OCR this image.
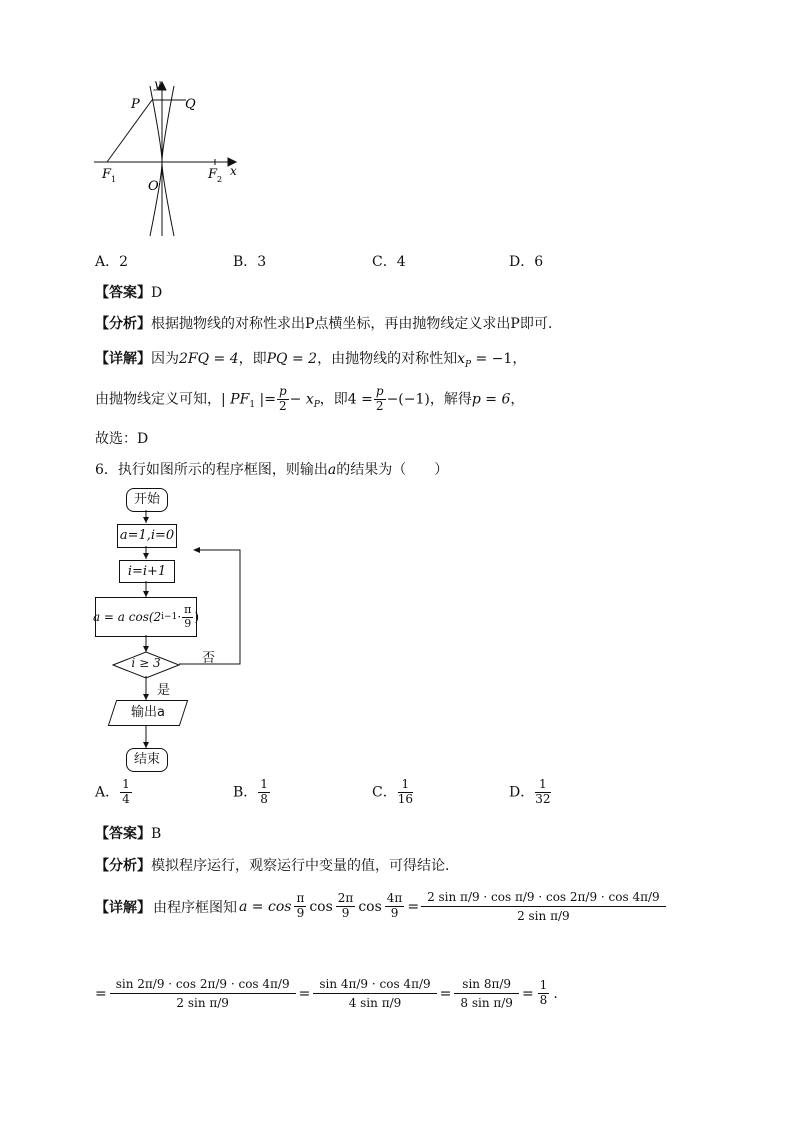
y
x
P	Q
O
F 1	F 2
A．2	B．3	C．4	D．6
【答案】D
【分析】根据抛物线的对称性求出P点横坐标，再由抛物线定义求出P即可.
【详解】因为2FQ = 4，即PQ = 2，由抛物线的对称性知$x_P = -1$，
由抛物线定义可知，| $PF_1$ |= $\frac{p}{2} - x_P$，即$4 = \frac{p}{2} -(-1)$，解得p = 6，
故选：D
6．执行如图所示的程序框图，则输出a的结果为（　　）
开始
a=1,i=0
i=i+1
a = a cos(2 $i-1 \cdot \frac{\pi}{9}$ )
i ≥ 3	否
是
输出a
结束
A． $\frac{1}{4}$	B． $\frac{1}{8}$	C． $\frac{1}{16}$	D． $\frac{1}{32}$
【答案】B
【分析】模拟程序运行，观察运行中变量的值，可得结论．
【详解】 由程序框图知 $a = \cos \frac{\pi}{9}$ $\cos \frac{2\pi}{9}$ $\cos \frac{4\pi}{9} = \frac{\text{2 sin π/9 · cos π/9 · cos 2π/9 · cos 4π/9}}{\text{2 sin π/9}}$
= $\frac{\sin 2\pi/9 \cdot \cos 2\pi/9 \cdot \cos 4\pi/9}{\text{2 sin π/9}} = \frac{\sin 4\pi/9 \cdot \cos 4\pi/9}{\text{4 sin π/9}} = \frac{\sin 8\pi/9}{\text{8 sin π/9}} = \frac{1}{8}$ .
